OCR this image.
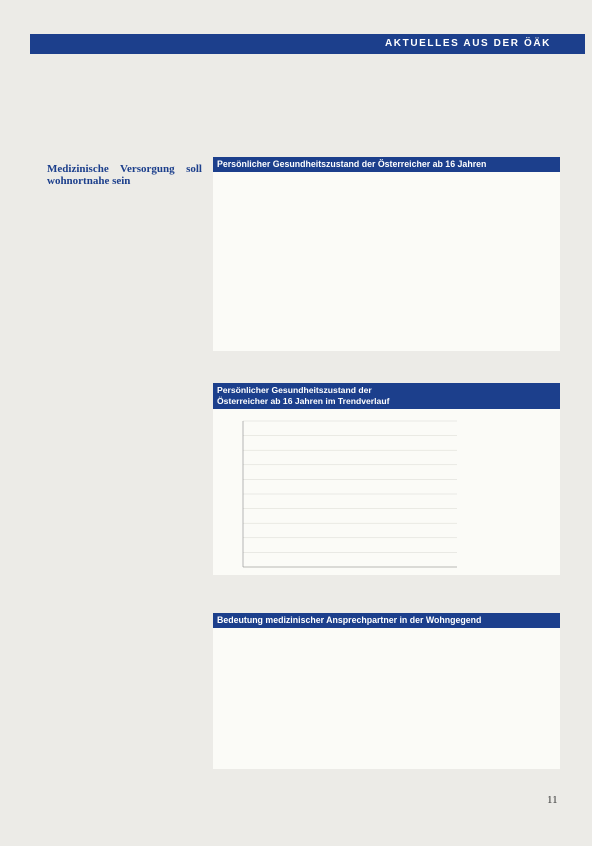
AKTUELLES AUS DER ÖÄK

Medizinische Versorgung soll wohnortnahe sein

Persönlicher Gesundheitszustand der Österreicher ab 16 Jahren
Persönlicher Gesundheitszustand der
Österreicher ab 16 Jahren im Trendverlauf
Bedeutung medizinischer Ansprechpartner in der Wohngegend
11
